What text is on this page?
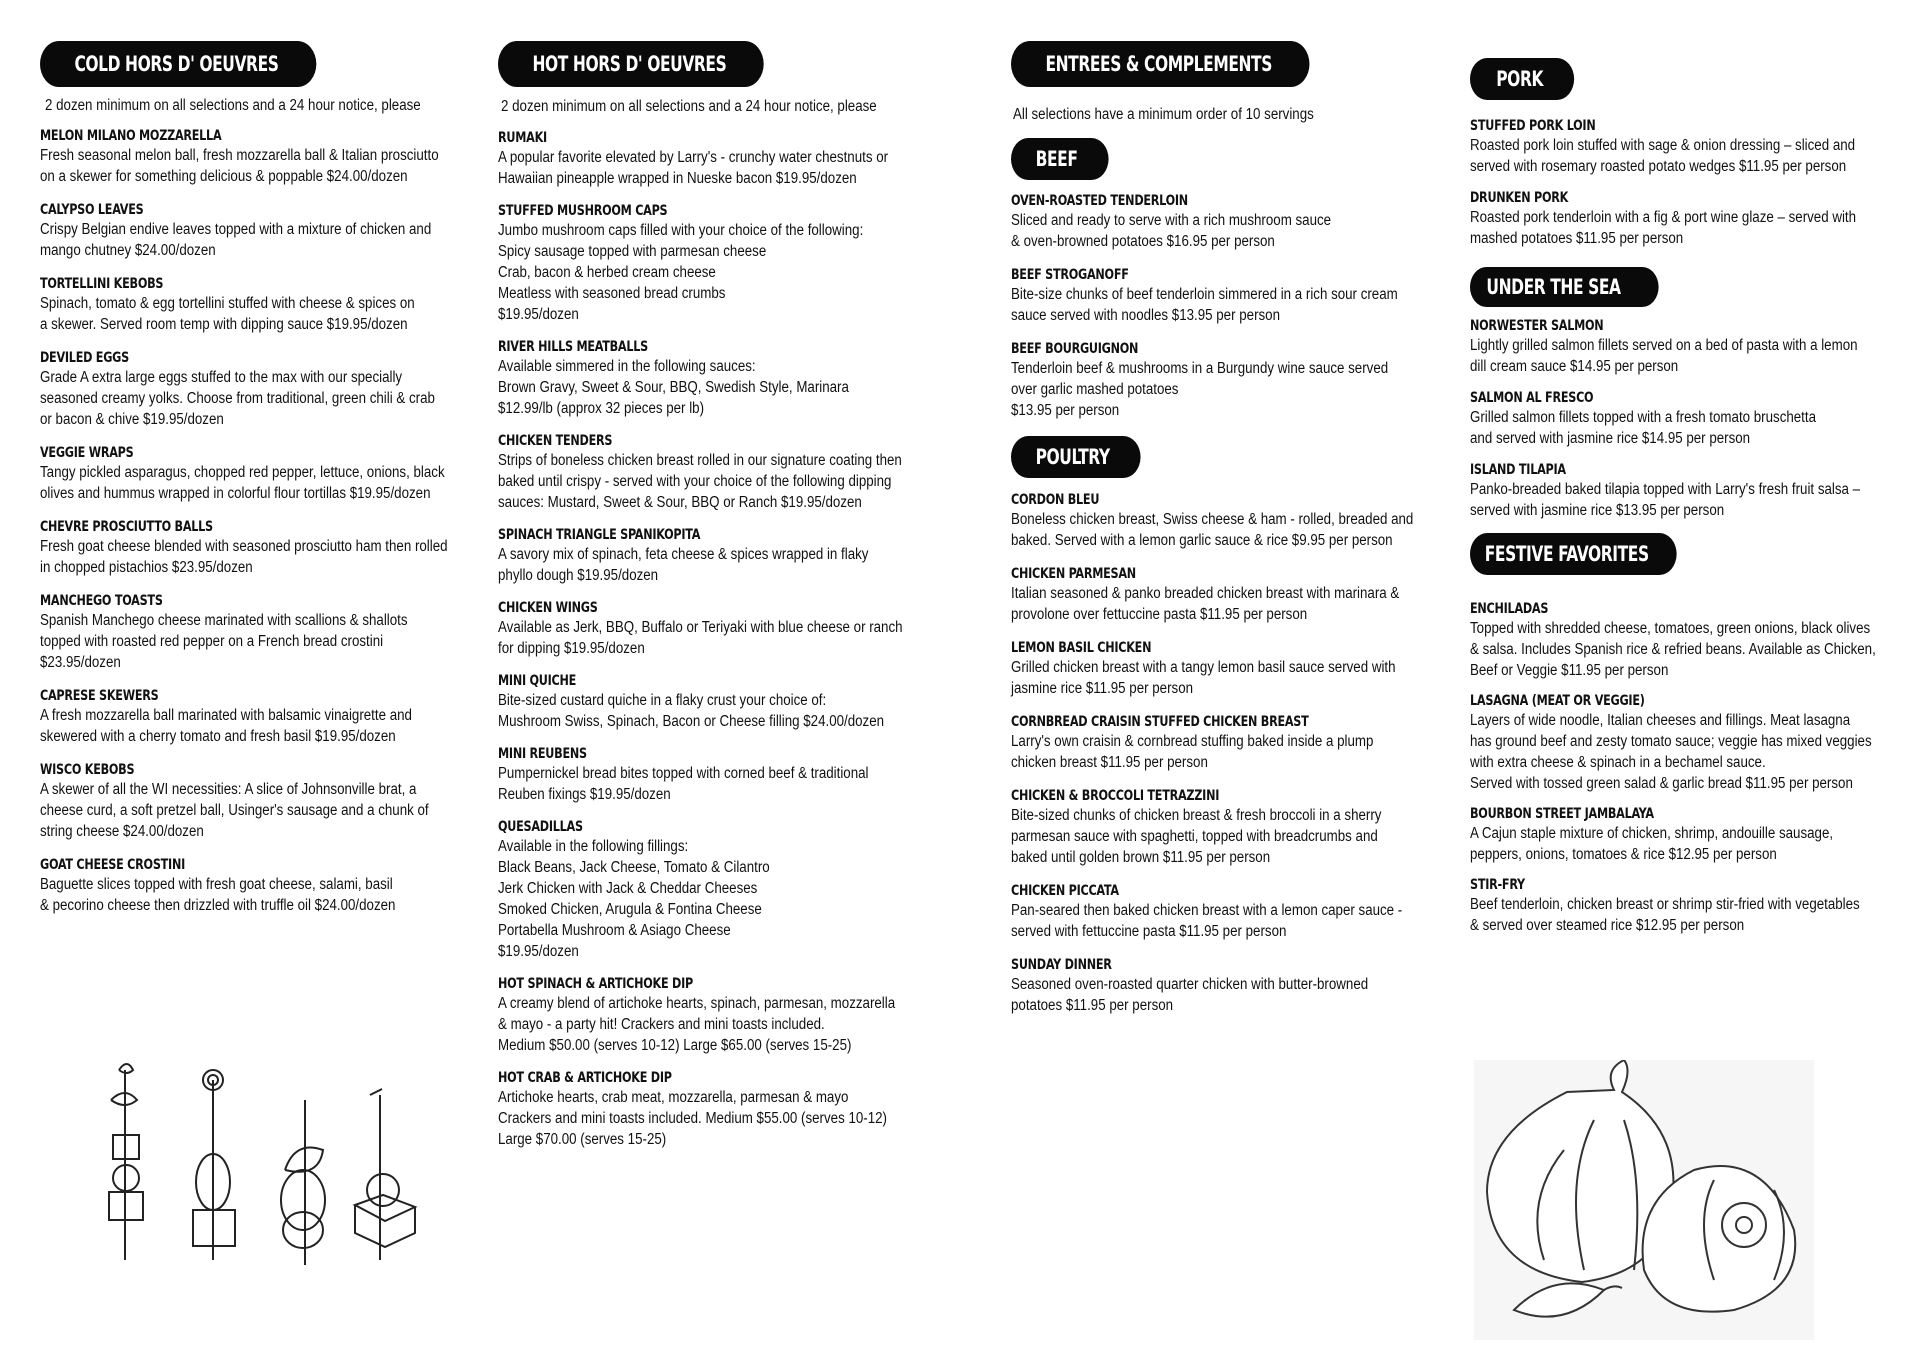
COLD HORS D' OEUVRES

2 dozen minimum on all selections and a 24 hour notice, please

MELON MILANO MOZZARELLA
Fresh seasonal melon ball, fresh mozzarella ball & Italian prosciutto
on a skewer for something delicious & poppable $24.00/dozen
CALYPSO LEAVES
Crispy Belgian endive leaves topped with a mixture of chicken and
mango chutney $24.00/dozen
TORTELLINI KEBOBS
Spinach, tomato & egg tortellini stuffed with cheese & spices on
a skewer. Served room temp with dipping sauce $19.95/dozen
DEVILED EGGS
Grade A extra large eggs stuffed to the max with our specially
seasoned creamy yolks. Choose from traditional, green chili & crab
or bacon & chive $19.95/dozen
VEGGIE WRAPS
Tangy pickled asparagus, chopped red pepper, lettuce, onions, black
olives and hummus wrapped in colorful flour tortillas $19.95/dozen
CHEVRE PROSCIUTTO BALLS
Fresh goat cheese blended with seasoned prosciutto ham then rolled
in chopped pistachios $23.95/dozen
MANCHEGO TOASTS
Spanish Manchego cheese marinated with scallions & shallots
topped with roasted red pepper on a French bread crostini
$23.95/dozen
CAPRESE SKEWERS
A fresh mozzarella ball marinated with balsamic vinaigrette and
skewered with a cherry tomato and fresh basil $19.95/dozen
WISCO KEBOBS
A skewer of all the WI necessities: A slice of Johnsonville brat, a
cheese curd, a soft pretzel ball, Usinger's sausage and a chunk of
string cheese $24.00/dozen
GOAT CHEESE CROSTINI
Baguette slices topped with fresh goat cheese, salami, basil
& pecorino cheese then drizzled with truffle oil $24.00/dozen
HOT HORS D' OEUVRES

2 dozen minimum on all selections and a 24 hour notice, please

RUMAKI
A popular favorite elevated by Larry's - crunchy water chestnuts or
Hawaiian pineapple wrapped in Nueske bacon $19.95/dozen
STUFFED MUSHROOM CAPS
Jumbo mushroom caps filled with your choice of the following:
Spicy sausage topped with parmesan cheese
Crab, bacon & herbed cream cheese
Meatless with seasoned bread crumbs
$19.95/dozen
RIVER HILLS MEATBALLS
Available simmered in the following sauces:
Brown Gravy, Sweet & Sour, BBQ, Swedish Style, Marinara
$12.99/lb (approx 32 pieces per lb)
CHICKEN TENDERS
Strips of boneless chicken breast rolled in our signature coating then
baked until crispy - served with your choice of the following dipping
sauces: Mustard, Sweet & Sour, BBQ or Ranch $19.95/dozen
SPINACH TRIANGLE SPANIKOPITA
A savory mix of spinach, feta cheese & spices wrapped in flaky
phyllo dough $19.95/dozen
CHICKEN WINGS
Available as Jerk, BBQ, Buffalo or Teriyaki with blue cheese or ranch
for dipping $19.95/dozen
MINI QUICHE
Bite-sized custard quiche in a flaky crust your choice of:
Mushroom Swiss, Spinach, Bacon or Cheese filling $24.00/dozen
MINI REUBENS
Pumpernickel bread bites topped with corned beef & traditional
Reuben fixings $19.95/dozen
QUESADILLAS
Available in the following fillings:
Black Beans, Jack Cheese, Tomato & Cilantro
Jerk Chicken with Jack & Cheddar Cheeses
Smoked Chicken, Arugula & Fontina Cheese
Portabella Mushroom & Asiago Cheese
$19.95/dozen
HOT SPINACH & ARTICHOKE DIP
A creamy blend of artichoke hearts, spinach, parmesan, mozzarella
& mayo - a party hit! Crackers and mini toasts included.
Medium $50.00 (serves 10-12) Large $65.00 (serves 15-25)
HOT CRAB & ARTICHOKE DIP
Artichoke hearts, crab meat, mozzarella, parmesan & mayo
Crackers and mini toasts included. Medium $55.00 (serves 10-12)
Large $70.00 (serves 15-25)
ENTREES & COMPLEMENTS

All selections have a minimum order of 10 servings

BEEF
OVEN-ROASTED TENDERLOIN
Sliced and ready to serve with a rich mushroom sauce
& oven-browned potatoes $16.95 per person
BEEF STROGANOFF
Bite-size chunks of beef tenderloin simmered in a rich sour cream
sauce served with noodles $13.95 per person
BEEF BOURGUIGNON
Tenderloin beef & mushrooms in a Burgundy wine sauce served
over garlic mashed potatoes
$13.95 per person
POULTRY
CORDON BLEU
Boneless chicken breast, Swiss cheese & ham - rolled, breaded and
baked. Served with a lemon garlic sauce & rice $9.95 per person
CHICKEN PARMESAN
Italian seasoned & panko breaded chicken breast with marinara &
provolone over fettuccine pasta $11.95 per person
LEMON BASIL CHICKEN
Grilled chicken breast with a tangy lemon basil sauce served with
jasmine rice $11.95 per person
CORNBREAD CRAISIN STUFFED CHICKEN BREAST
Larry's own craisin & cornbread stuffing baked inside a plump
chicken breast $11.95 per person
CHICKEN & BROCCOLI TETRAZZINI
Bite-sized chunks of chicken breast & fresh broccoli in a sherry
parmesan sauce with spaghetti, topped with breadcrumbs and
baked until golden brown $11.95 per person
CHICKEN PICCATA
Pan-seared then baked chicken breast with a lemon caper sauce -
served with fettuccine pasta $11.95 per person
SUNDAY DINNER
Seasoned oven-roasted quarter chicken with butter-browned
potatoes $11.95 per person
PORK
STUFFED PORK LOIN
Roasted pork loin stuffed with sage & onion dressing – sliced and
served with rosemary roasted potato wedges $11.95 per person
DRUNKEN PORK
Roasted pork tenderloin with a fig & port wine glaze – served with
mashed potatoes $11.95 per person
UNDER THE SEA
NORWESTER SALMON
Lightly grilled salmon fillets served on a bed of pasta with a lemon
dill cream sauce $14.95 per person
SALMON AL FRESCO
Grilled salmon fillets topped with a fresh tomato bruschetta
and served with jasmine rice $14.95 per person
ISLAND TILAPIA
Panko-breaded baked tilapia topped with Larry's fresh fruit salsa –
served with jasmine rice $13.95 per person
FESTIVE FAVORITES
ENCHILADAS
Topped with shredded cheese, tomatoes, green onions, black olives
& salsa. Includes Spanish rice & refried beans. Available as Chicken,
Beef or Veggie $11.95 per person
LASAGNA (MEAT OR VEGGIE)
Layers of wide noodle, Italian cheeses and fillings. Meat lasagna
has ground beef and zesty tomato sauce; veggie has mixed veggies
with extra cheese & spinach in a bechamel sauce.
Served with tossed green salad & garlic bread $11.95 per person
BOURBON STREET JAMBALAYA
A Cajun staple mixture of chicken, shrimp, andouille sausage,
peppers, onions, tomatoes & rice $12.95 per person
STIR-FRY
Beef tenderloin, chicken breast or shrimp stir-fried with vegetables
& served over steamed rice $12.95 per person
